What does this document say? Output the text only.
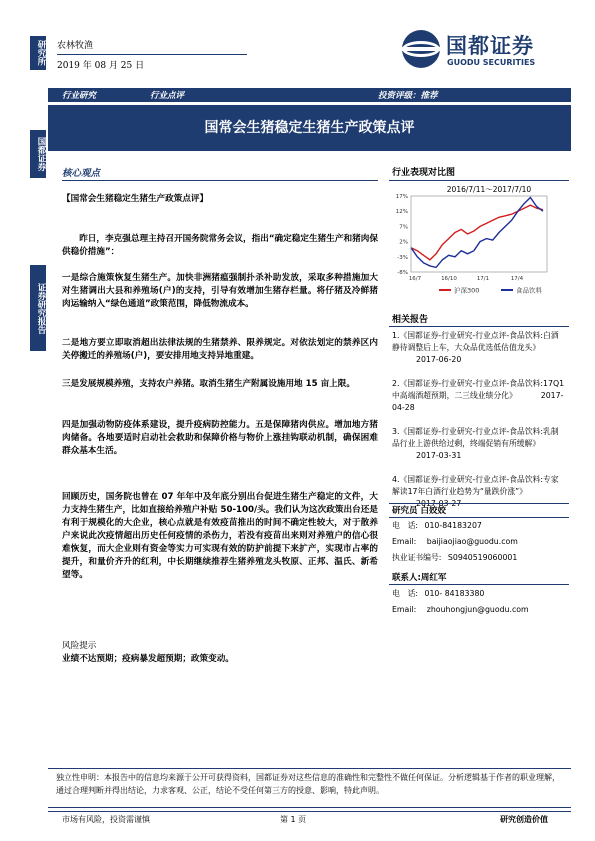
研究所
国都证券
证券研究报告
农林牧渔
2019 年 08 月 25 日
国都证券
GUODU SECURITIES
行业研究	行业点评	投资评级：推荐
国常会生猪稳定生猪生产政策点评
核心观点
【国常会生猪稳定生猪生产政策点评】
昨日，李克强总理主持召开国务院常务会议，指出“确定稳定生猪生产和猪肉保供稳价措施”：
一是综合施策恢复生猪生产。加快非洲猪瘟强制扑杀补助发放，采取多种措施加大对生猪调出大县和养殖场(户)的支持，引导有效增加生猪存栏量。将仔猪及冷鲜猪肉运输纳入“绿色通道”政策范围，降低物流成本。
二是地方要立即取消超出法律法规的生猪禁养、限养规定。对依法划定的禁养区内关停搬迁的养殖场(户)，要安排用地支持异地重建。
三是发展规模养殖，支持农户养猪。取消生猪生产附属设施用地 15 亩上限。
四是加强动物防疫体系建设，提升疫病防控能力。五是保障猪肉供应。增加地方猪肉储备。各地要适时启动社会救助和保障价格与物价上涨挂钩联动机制，确保困难群众基本生活。
回顾历史，国务院也曾在 07 年年中及年底分别出台促进生猪生产稳定的文件，大力支持生猪生产，比如直接给养殖户补贴 50-100/头。我们认为这次政策出台还是有利于规模化的大企业，核心点就是有效疫苗推出的时间不确定性较大，对于散养户来说此次疫情超出历史任何疫情的杀伤力，若没有疫苗出来则对养殖户的信心很难恢复，而大企业则有资金等实力可实现有效的防护前提下来扩产，实现市占率的提升，和量价齐升的红利，中长期继续推荐生猪养殖龙头牧原、正邦、温氏、新希望等。
风险提示
业绩不达预期；疫病暴发超预期；政策变动。
行业表现对比图
2016/7/11～2017/7/10
17%
12%
7%
2%
-3%
-8%
16/7	16/10	17/1	17/4
沪深300	食品饮料
相关报告
1.《国都证券-行业研究-行业点评-食品饮料:白酒静待调整后上车，大众品优选低估值龙头》2017-06-20
2.《国都证券-行业研究-行业点评-食品饮料:17Q1 中高端酒超预期，二三线业绩分化》	2017-04-28
3.《国都证券-行业研究-行业点评-食品饮料:乳制品行业上游供给过剩，终端促销有所缓解》2017-03-31
4.《国都证券-行业研究-行业点评-食品饮料:专家解读17年白酒行业趋势为“量跌价涨”》
研究员 白姣姣
电　话: 010-84183207
Email: baijiaojiao@guodu.com
执业证书编号: S0940519060001
联系人:周红军
电　话: 010- 84183380
Email: zhouhongjun@guodu.com
独立性申明：本报告中的信息均来源于公开可获得资料，国都证券对这些信息的准确性和完整性不做任何保证。分析逻辑基于作者的职业理解，通过合理判断并得出结论，力求客观、公正，结论不受任何第三方的授意、影响，特此声明。
市场有风险，投资需谨慎	第 1 页	研究创造价值
